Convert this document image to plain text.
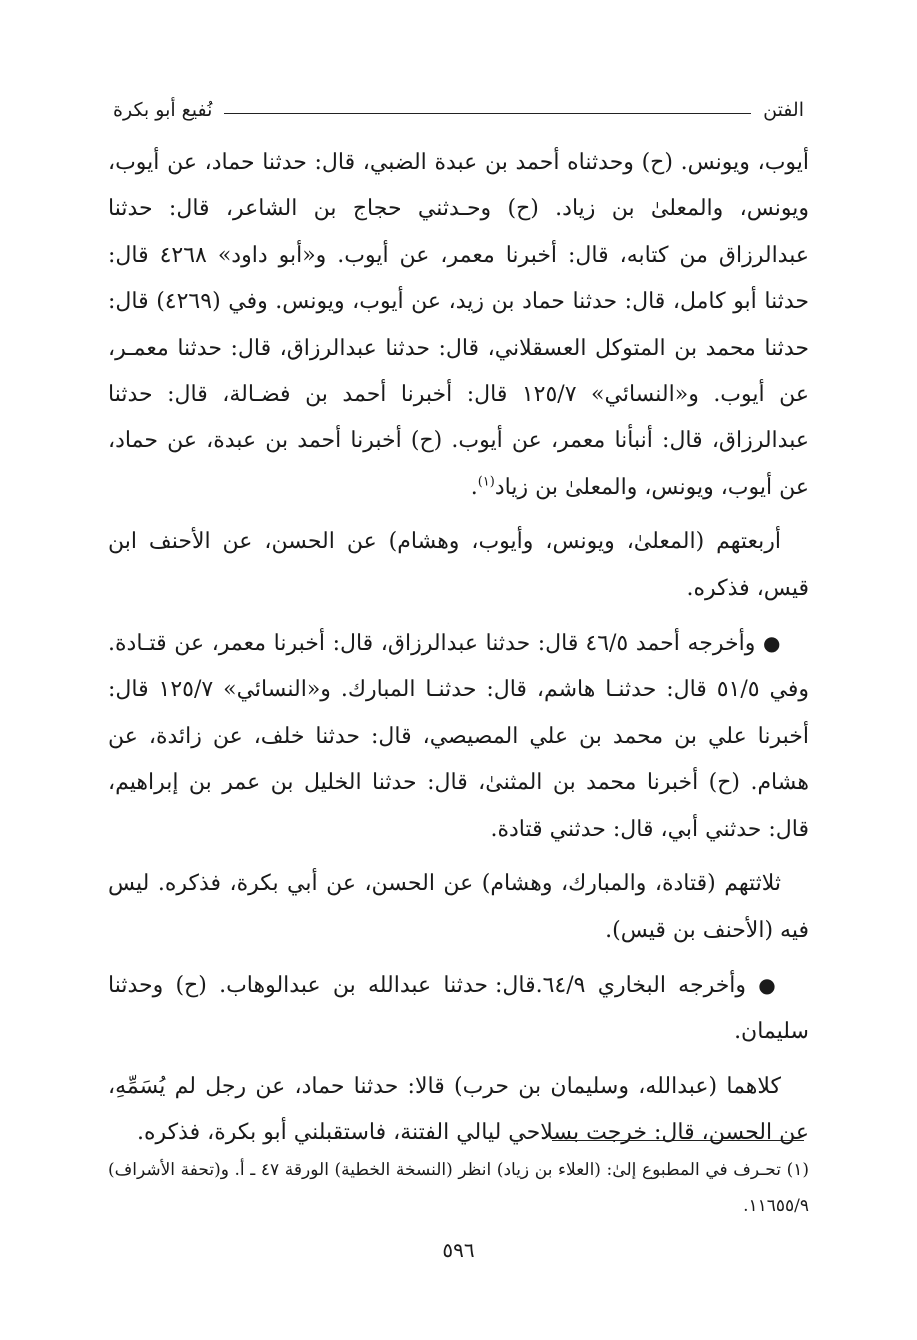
الفتن
نُفيع أبو بكرة

أيوب، ويونس. (ح) وحدثناه أحمد بن عبدة الضبي، قال: حدثنا حماد، عن أيوب، ويونس، والمعلىٰ بن زياد. (ح) وحـدثني حجاج بن الشاعر، قال: حدثنا عبدالرزاق من كتابه، قال: أخبرنا معمر، عن أيوب. و«أبو داود» ٤٢٦٨ قال: حدثنا أبو كامل، قال: حدثنا حماد بن زيد، عن أيوب، ويونس. وفي (٤٢٦٩) قال: حدثنا محمد بن المتوكل العسقلاني، قال: حدثنا عبدالرزاق، قال: حدثنا معمـر، عن أيوب. و«النسائي» ١٢٥/٧ قال: أخبرنا أحمد بن فضـالة، قال: حدثنا عبدالرزاق، قال: أنبأنا معمر، عن أيوب. (ح) أخبرنا أحمد بن عبدة، عن حماد، عن أيوب، ويونس، والمعلىٰ بن زياد$^{(١)}$.

أربعتهم (المعلىٰ، ويونس، وأيوب، وهشام) عن الحسن، عن الأحنف ابن قيس، فذكره.

● وأخرجه أحمد ٤٦/٥ قال: حدثنا عبدالرزاق، قال: أخبرنا معمر، عن قتـادة. وفي ٥١/٥ قال: حدثنـا هاشم، قال: حدثنـا المبارك. و«النسائي» ١٢٥/٧ قال: أخبرنا علي بن محمد بن علي المصيصي، قال: حدثنا خلف، عن زائدة، عن هشام. (ح) أخبرنا محمد بن المثنىٰ، قال: حدثنا الخليل بن عمر بن إبراهيم، قال: حدثني أبي، قال: حدثني قتادة.

ثلاثتهم (قتادة، والمبارك، وهشام) عن الحسن، عن أبي بكرة، فذكره. ليس فيه (الأحنف بن قيس).

● وأخرجه البخاري ٦٤/٩.قال: حدثنا عبدالله بن عبدالوهاب. (ح) وحدثنا سليمان.

كلاهما (عبدالله، وسليمان بن حرب) قالا: حدثنا حماد، عن رجل لم يُسَمِّهِ، عن الحسن، قال: خرجت بسلاحي ليالي الفتنة، فاستقبلني أبو بكرة، فذكره.

(١) تحـرف في المطبوع إلىٰ: (العلاء بن زياد) انظر (النسخة الخطية) الورقة ٤٧ ـ أ. و(تحفة الأشراف) ١١٦٥٥/٩.

٥٩٦
